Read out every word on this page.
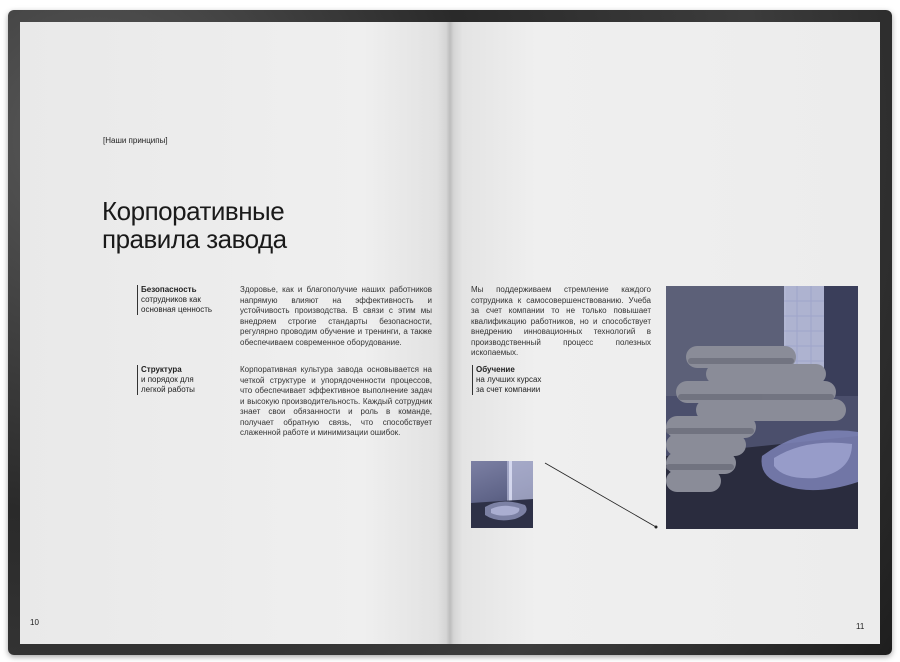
[Наши принципы]
Корпоративные
правила завода
Безопасность
сотрудников как
основная ценность
Здоровье, как и благополучие наших работников напрямую влияют на эффективность и устойчивость производства. В связи с этим мы внедряем строгие стандарты безопасности, регулярно проводим обучение и тренинги, а также обеспечиваем современное оборудование.
Структура
и порядок для
легкой работы
Корпоративная культура завода основывается на четкой структуре и упорядоченности процессов, что обеспечивает эффективное выполнение задач и высокую производительность. Каждый сотрудник знает свои обязанности и роль в команде, получает обратную связь, что способствует слаженной работе и минимизации ошибок.
10
Мы поддерживаем стремление каждого сотрудника к самосовершенствованию. Учеба за счет компании то не только повышает квалификацию работников, но и способствует внедрению инновационных технологий в производственный процесс полезных ископаемых.
Обучение
на лучших курсах
за счет компании
11
